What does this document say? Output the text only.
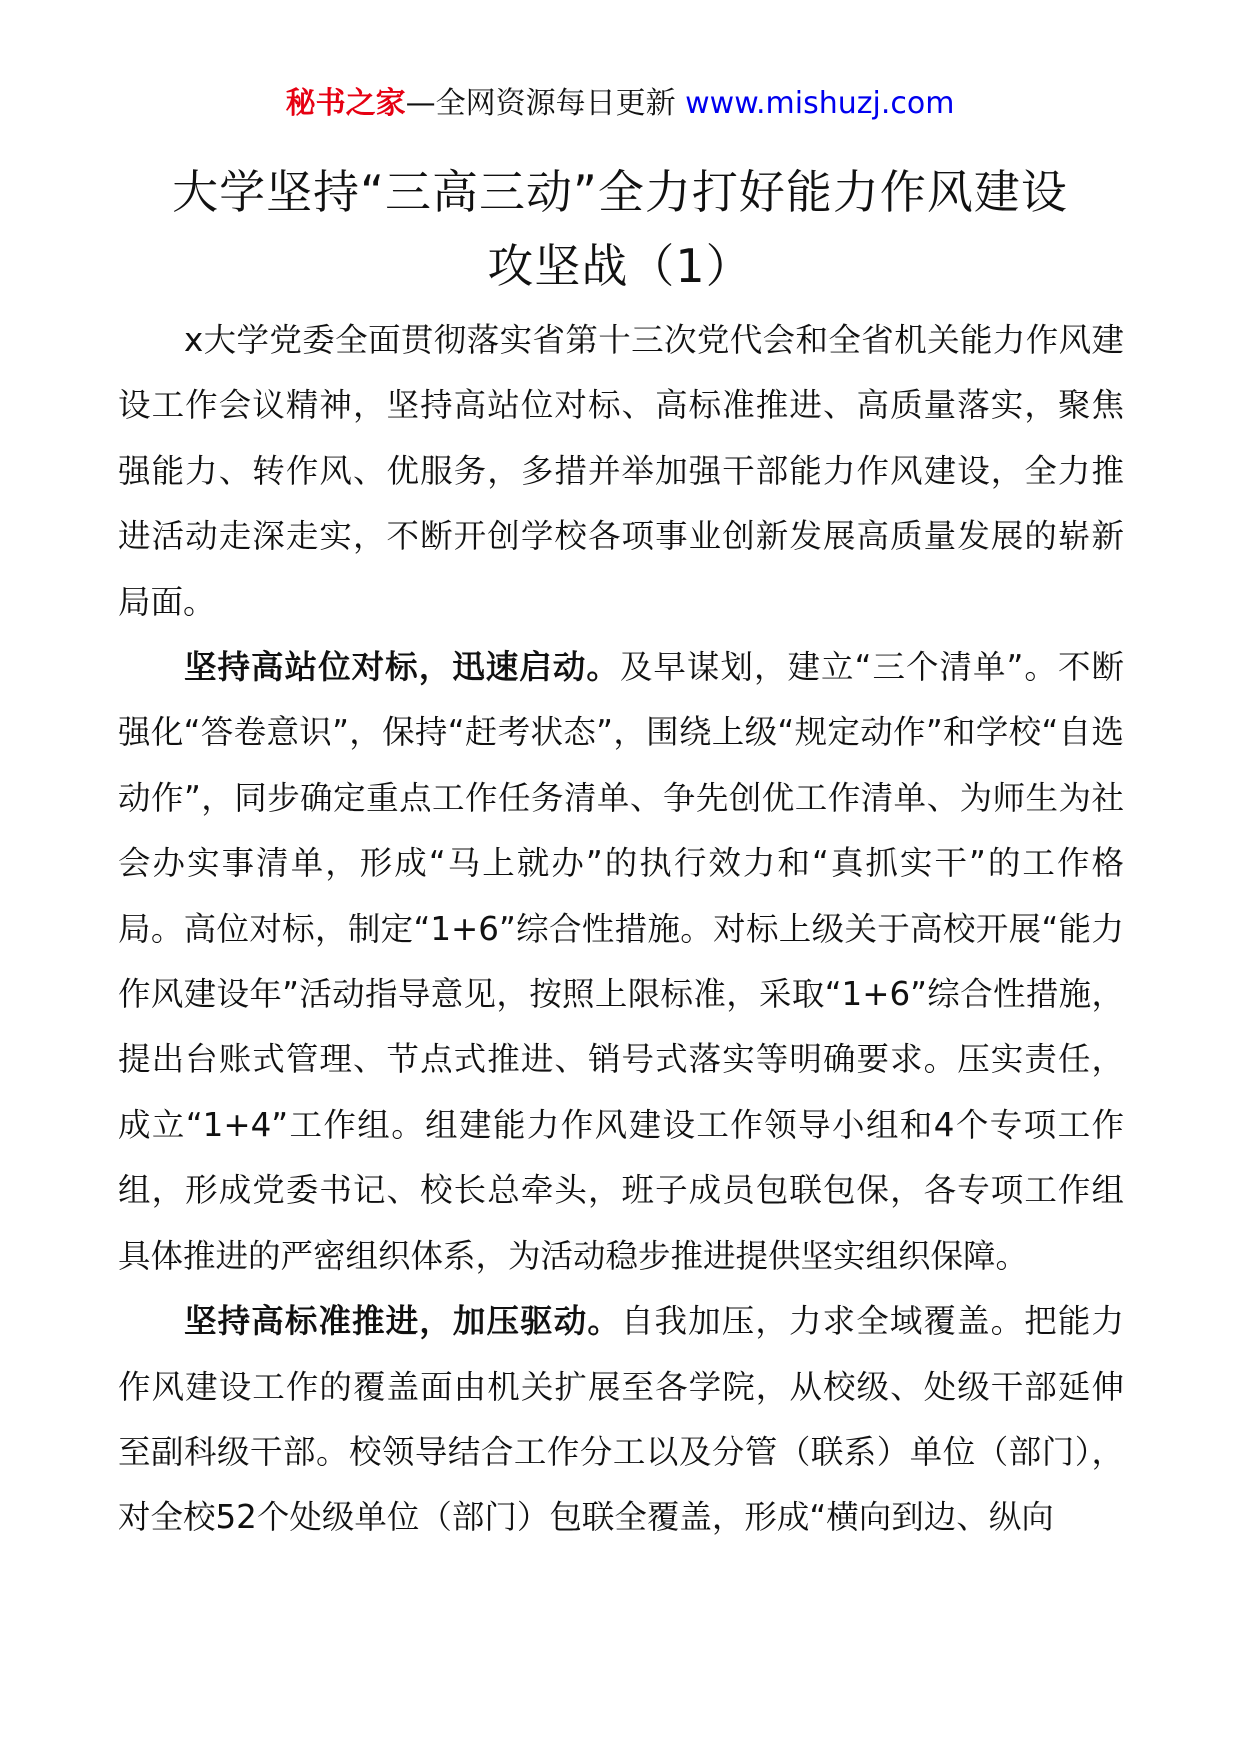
秘书之家—全网资源每日更新 www.mishuzj.com
大学坚持“三高三动”全力打好能力作风建设
攻坚战（1）

x大学党委全面贯彻落实省第十三次党代会和全省机关能力作风建设工作会议精神，坚持高站位对标、高标准推进、高质量落实，聚焦强能力、转作风、优服务，多措并举加强干部能力作风建设，全力推进活动走深走实，不断开创学校各项事业创新发展高质量发展的崭新局面。

坚持高站位对标，迅速启动。及早谋划，建立“三个清单”。不断强化“答卷意识”，保持“赶考状态”，围绕上级“规定动作”和学校“自选动作”，同步确定重点工作任务清单、争先创优工作清单、为师生为社会办实事清单，形成“马上就办”的执行效力和“真抓实干”的工作格局。高位对标，制定“1+6”综合性措施。对标上级关于高校开展“能力作风建设年”活动指导意见，按照上限标准，采取“1+6”综合性措施，提出台账式管理、节点式推进、销号式落实等明确要求。压实责任，成立“1+4”工作组。组建能力作风建设工作领导小组和4个专项工作组，形成党委书记、校长总牵头，班子成员包联包保，各专项工作组具体推进的严密组织体系，为活动稳步推进提供坚实组织保障。

坚持高标准推进，加压驱动。自我加压，力求全域覆盖。把能力作风建设工作的覆盖面由机关扩展至各学院，从校级、处级干部延伸至副科级干部。校领导结合工作分工以及分管（联系）单位（部门），对全校52个处级单位（部门）包联全覆盖，形成“横向到边、纵向
